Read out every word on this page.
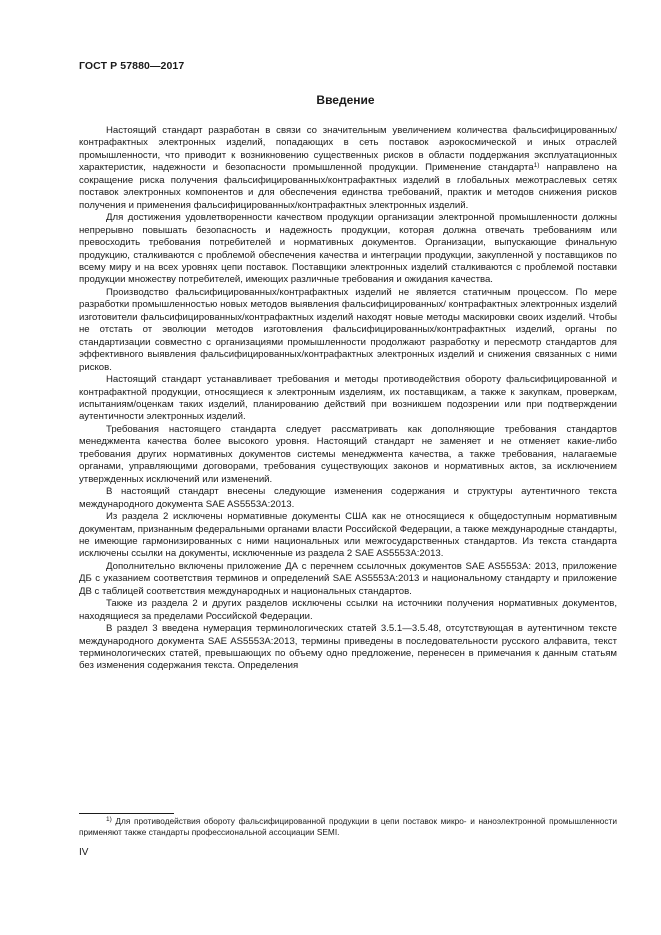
ГОСТ Р 57880—2017
Введение

Настоящий стандарт разработан в связи со значительным увеличением количества фальсифицированных/контрафактных электронных изделий, попадающих в сеть поставок аэрокосмической и иных отраслей промышленности, что приводит к возникновению существенных рисков в области поддержания эксплуатационных характеристик, надежности и безопасности промышленной продукции. Применение стандарта$^{1)}$ направлено на сокращение риска получения фальсифицированных/контрафактных изделий в глобальных межотраслевых сетях поставок электронных компонентов и для обеспечения единства требований, практик и методов снижения рисков получения и применения фальсифицированных/контрафактных электронных изделий.

Для достижения удовлетворенности качеством продукции организации электронной промышленности должны непрерывно повышать безопасность и надежность продукции, которая должна отвечать требованиям или превосходить требования потребителей и нормативных документов. Организации, выпускающие финальную продукцию, сталкиваются с проблемой обеспечения качества и интеграции продукции, закупленной у поставщиков по всему миру и на всех уровнях цепи поставок. Поставщики электронных изделий сталкиваются с проблемой поставки продукции множеству потребителей, имеющих различные требования и ожидания качества.

Производство фальсифицированных/контрафактных изделий не является статичным процессом. По мере разработки промышленностью новых методов выявления фальсифицированных/ контрафактных электронных изделий изготовители фальсифицированных/контрафактных изделий находят новые методы маскировки своих изделий. Чтобы не отстать от эволюции методов изготовления фальсифицированных/контрафактных изделий, органы по стандартизации совместно с организациями промышленности продолжают разработку и пересмотр стандартов для эффективного выявления фальсифицированных/контрафактных электронных изделий и снижения связанных с ними рисков.

Настоящий стандарт устанавливает требования и методы противодействия обороту фальсифицированной и контрафактной продукции, относящиеся к электронным изделиям, их поставщикам, а также к закупкам, проверкам, испытаниям/оценкам таких изделий, планированию действий при возникшем подозрении или при подтверждении аутентичности электронных изделий.

Требования настоящего стандарта следует рассматривать как дополняющие требования стандартов менеджмента качества более высокого уровня. Настоящий стандарт не заменяет и не отменяет какие-либо требования других нормативных документов системы менеджмента качества, а также требования, налагаемые органами, управляющими договорами, требования существующих законов и нормативных актов, за исключением утвержденных исключений или изменений.

В настоящий стандарт внесены следующие изменения содержания и структуры аутентичного текста международного документа SAE AS5553A:2013.

Из раздела 2 исключены нормативные документы США как не относящиеся к общедоступным нормативным документам, признанным федеральными органами власти Российской Федерации, а также международные стандарты, не имеющие гармонизированных с ними национальных или межгосударственных стандартов. Из текста стандарта исключены ссылки на документы, исключенные из раздела 2 SAE AS5553A:2013.

Дополнительно включены приложение ДА с перечнем ссылочных документов SAE AS5553A: 2013, приложение ДБ с указанием соответствия терминов и определений SAE AS5553A:2013 и национальному стандарту и приложение ДВ с таблицей соответствия международных и национальных стандартов.

Также из раздела 2 и других разделов исключены ссылки на источники получения нормативных документов, находящиеся за пределами Российской Федерации.

В раздел 3 введена нумерация терминологических статей 3.5.1—3.5.48, отсутствующая в аутентичном тексте международного документа SAE AS5553A:2013, термины приведены в последовательности русского алфавита, текст терминологических статей, превышающих по объему одно предложение, перенесен в примечания к данным статьям без изменения содержания текста. Определения

$^{1)}$ Для противодействия обороту фальсифицированной продукции в цепи поставок микро- и наноэлектронной промышленности применяют также стандарты профессиональной ассоциации SEMI.

IV
